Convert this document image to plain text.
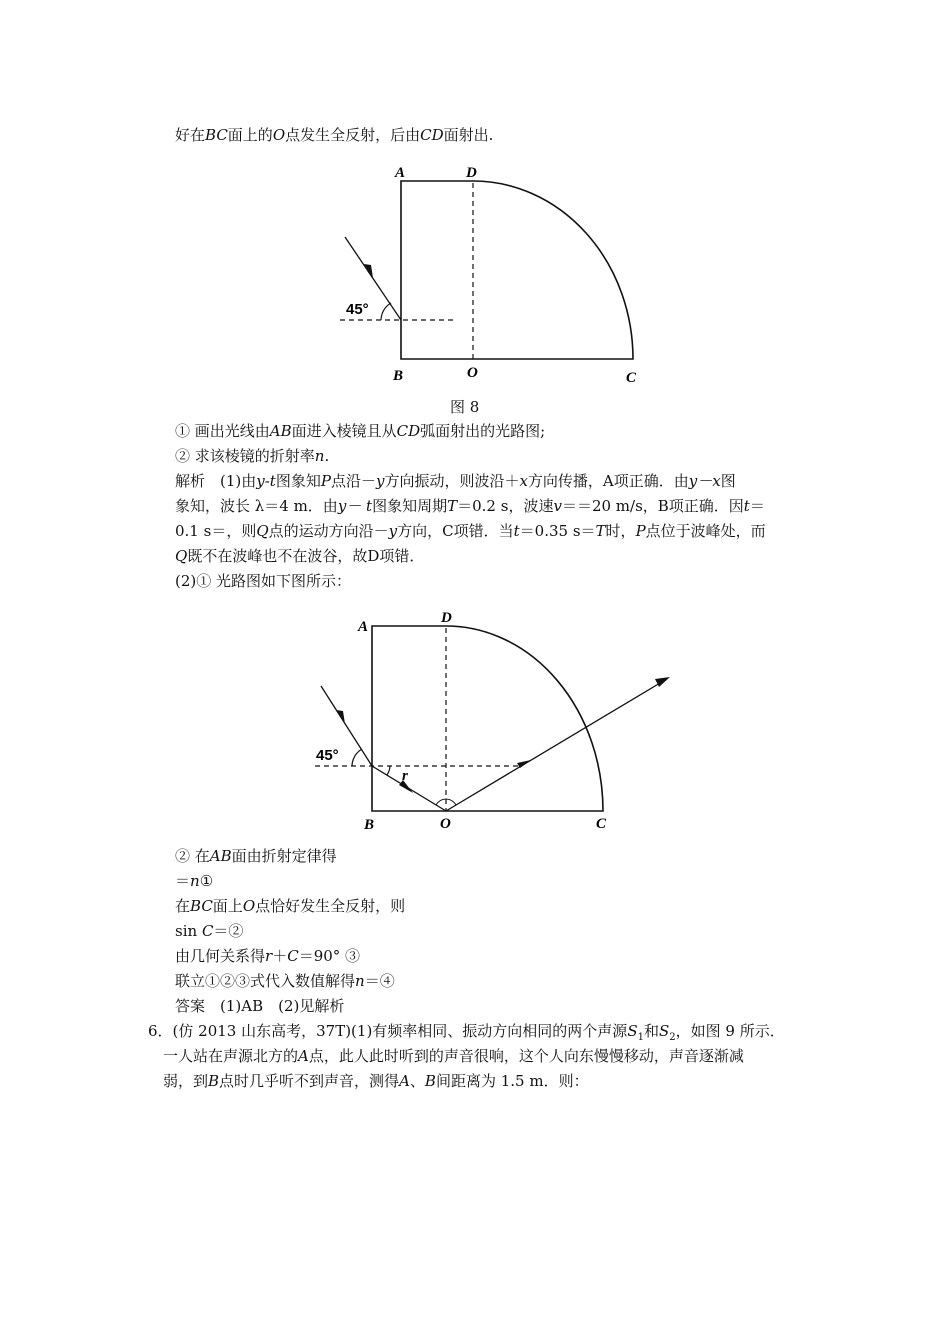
好在BC面上的O点发生全反射，后由CD面射出.
A	D
B	O	C
45°
图 8
① 画出光线由AB面进入棱镜且从CD弧面射出的光路图;
② 求该棱镜的折射率n.
解析　(1)由y-t图象知P点沿－y方向振动，则波沿＋x方向传播，A项正确．由y－x图
象知，波长 λ＝4 m．由y－ t图象知周期T＝0.2 s，波速v＝＝20 m/s，B项正确．因t＝
0.1 s＝，则Q点的运动方向沿－y方向，C项错．当t＝0.35 s＝T时，P点位于波峰处，而
Q既不在波峰也不在波谷，故D项错．
(2)① 光路图如下图所示：
A
D
B	O	C
r
45°
② 在AB面由折射定律得
＝n①
在BC面上O点恰好发生全反射，则
sin C＝②
由几何关系得r＋C＝90° ③
联立①②③式代入数值解得n＝④
答案　(1)AB　(2)见解析
6．(仿 2013 山东高考，37T)(1)有频率相同、振动方向相同的两个声源$S_1$和$S_2$，如图 9 所示．
一人站在声源北方的A点，此人此时听到的声音很响，这个人向东慢慢移动，声音逐渐减
弱，到B点时几乎听不到声音，测得A、B间距离为 1.5 m．则：
